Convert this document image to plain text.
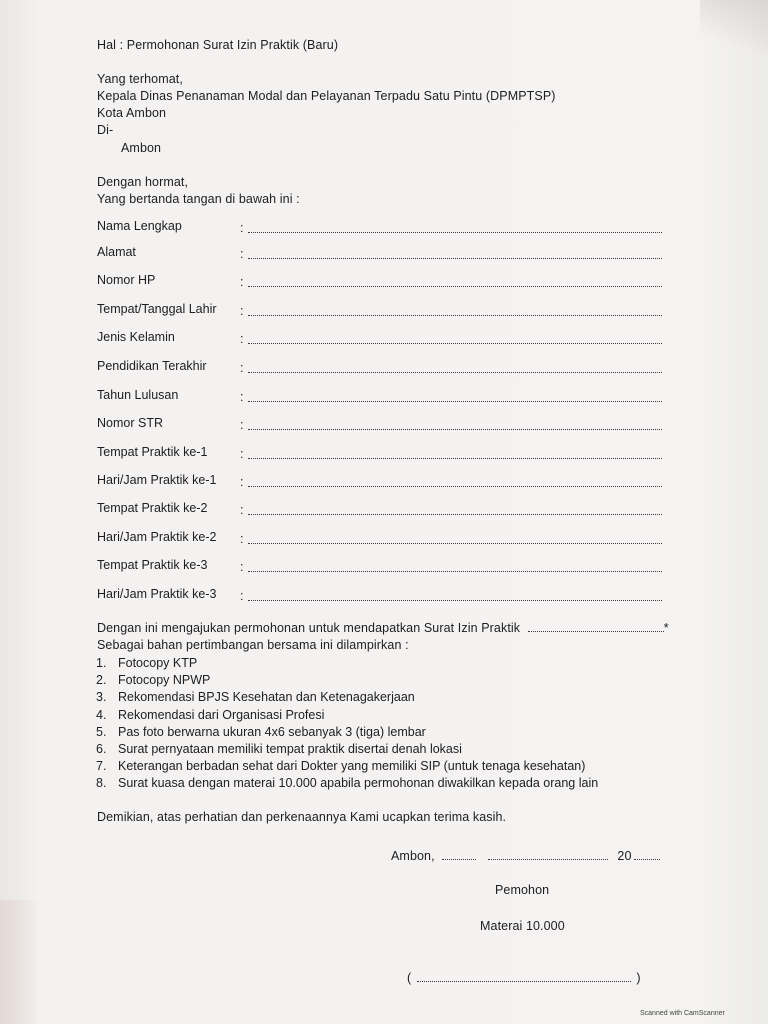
Hal : Permohonan Surat Izin Praktik (Baru)
Yang terhomat,
Kepala Dinas Penanaman Modal dan Pelayanan Terpadu Satu Pintu (DPMPTSP)
Kota Ambon
Di-
Ambon
Dengan hormat,
Yang bertanda tangan di bawah ini :
Nama Lengkap	:
Alamat	:
Nomor HP	:
Tempat/Tanggal Lahir :
Jenis Kelamin	:
Pendidikan Terakhir	:
Tahun Lulusan	:
Nomor STR	:
Tempat Praktik ke-1	:
Hari/Jam Praktik ke-1 :
Tempat Praktik ke-2	:
Hari/Jam Praktik ke-2 :
Tempat Praktik ke-3	:
Hari/Jam Praktik ke-3 :
Dengan ini mengajukan permohonan untuk mendapatkan Surat Izin Praktik	*
Sebagai bahan pertimbangan bersama ini dilampirkan :
1. Fotocopy KTP
2. Fotocopy NPWP
3. Rekomendasi BPJS Kesehatan dan Ketenagakerjaan
4. Rekomendasi dari Organisasi Profesi
5. Pas foto berwarna ukuran 4x6 sebanyak 3 (tiga) lembar
6. Surat pernyataan memiliki tempat praktik disertai denah lokasi
7. Keterangan berbadan sehat dari Dokter yang memiliki SIP (untuk tenaga kesehatan)
8. Surat kuasa dengan materai 10.000 apabila permohonan diwakilkan kepada orang lain
Demikian, atas perhatian dan perkenaannya Kami ucapkan terima kasih.
Ambon,	20
Pemohon
Materai 10.000
(	)
Scanned with CamScanner
